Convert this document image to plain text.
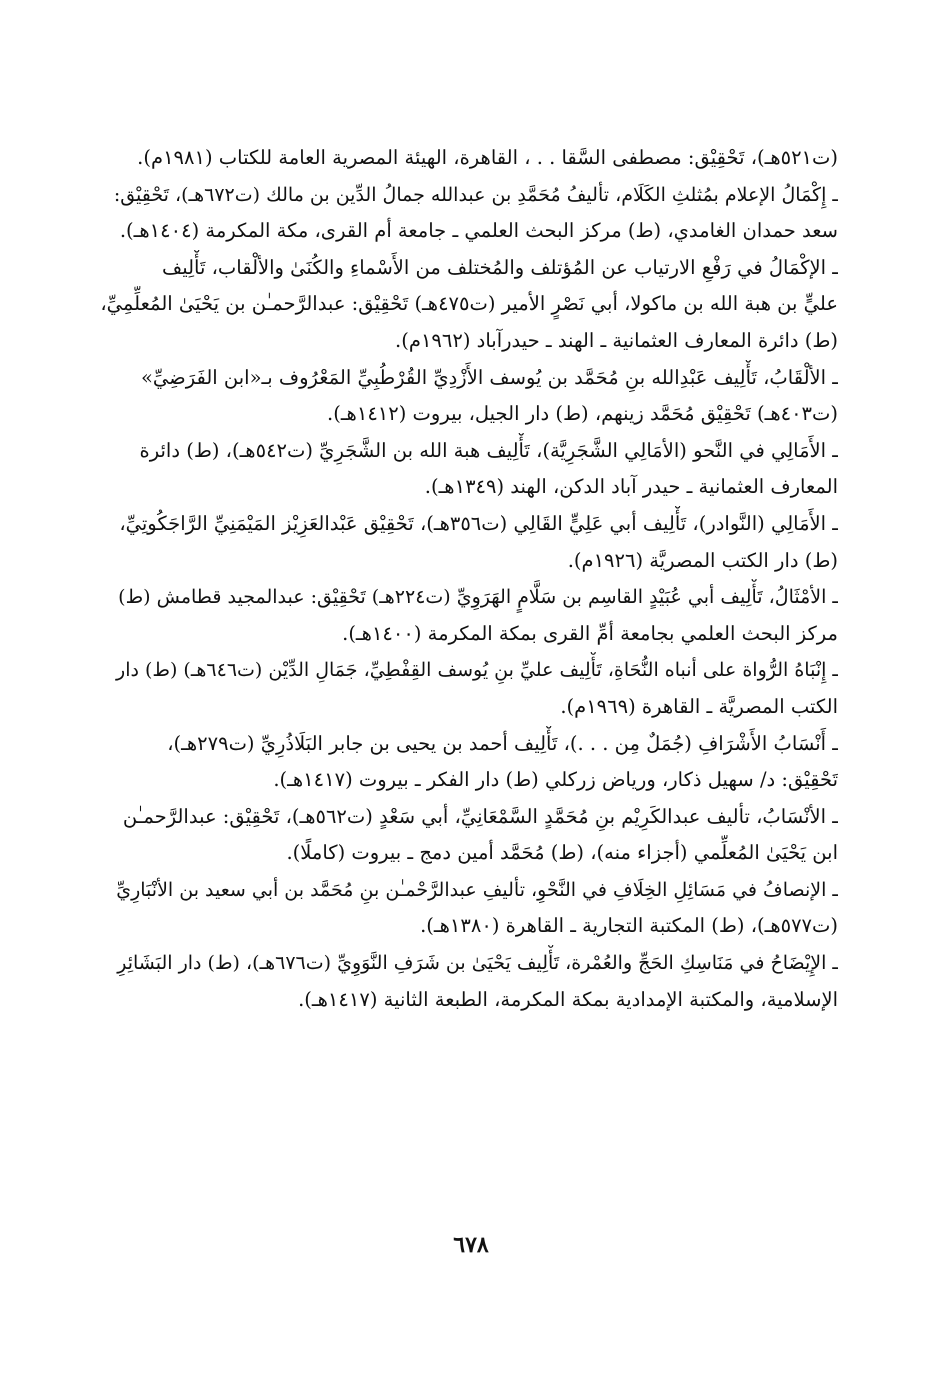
(ت٥٢١هـ)، تَحْقِيْق: مصطفى السَّقا . . ، القاهرة، الهيئة المصرية العامة للكتاب (١٩٨١م).
ـ إِكْمَالُ الإعلام بمُثلثِ الكَلَام، تأليفُ مُحَمَّدِ بن عبدالله جمالُ الدِّين بن مالك (ت٦٧٢هـ)، تَحْقِيْق:
سعد حمدان الغامدي، (ط) مركز البحث العلمي ـ جامعة أم القرى، مكة المكرمة (١٤٠٤هـ).
ـ الإكْمَالُ في رَفْعِ الارتياب عن المُؤتلف والمُختلف من الأَسْماءِ والكُنَىٰ والألْقاب، تَأْلِيف
عليٍّ بن هبة الله بن ماكولا، أبي نَصْرٍ الأمير (ت٤٧٥هـ) تَحْقِيْق: عبدالرَّحمـٰن بن يَحْيَىٰ المُعلِّمِيِّ،
(ط) دائرة المعارف العثمانية ـ الهند ـ حيدرآباد (١٩٦٢م).
ـ الألْقَابُ، تَأْلِيف عَبْدِالله بنِ مُحَمَّد بن يُوسف الأَزْدِيِّ القُرْطُبِيِّ المَعْرُوف بـ«ابن الفَرَضِيِّ»
(ت٤٠٣هـ) تَحْقِيْق مُحَمَّد زينهم، (ط) دار الجيل، بيروت (١٤١٢هـ).
ـ الأَمَالِي في النَّحو (الأمَالِي الشَّجَرِيَّة)، تَأْلِيف هبة الله بن الشَّجَرِيِّ (ت٥٤٢هـ)، (ط) دائرة
المعارف العثمانية ـ حيدر آباد الدكن، الهند (١٣٤٩هـ).
ـ الأَمَالِي (النَّوادر)، تَأْلِيف أبي عَلِيٍّ القَالِي (ت٣٥٦هـ)، تَحْقِيْق عَبْدالعَزِيْز المَيْمَنِيِّ الرَّاجَكُوتِيِّ،
(ط) دار الكتب المصريَّة (١٩٢٦م).
ـ الأمْثَالُ، تَأْلِيف أبي عُبَيْدٍ القاسِم بن سَلَّامٍ الهَرَوِيِّ (ت٢٢٤هـ) تَحْقِيْق: عبدالمجيد قطامش (ط)
مركز البحث العلمي بجامعة أمِّ القرى بمكة المكرمة (١٤٠٠هـ).
ـ إِنْبَاهُ الرُّواة على أنباه النُّحَاةِ، تَأْلِيف عليِّ بنِ يُوسف القِفْطِيِّ، جَمَالِ الدِّيْن (ت٦٤٦هـ) (ط) دار
الكتب المصريَّة ـ القاهرة (١٩٦٩م).
ـ أَنْسَابُ الأَشْرَافِ (جُمَلٌ مِن . . .)، تَأْلِيف أحمد بن يحيى بن جابر البَلَاذُرِيِّ (ت٢٧٩هـ)،
تَحْقِيْق: د/ سهيل ذكار، ورياض زركلي (ط) دار الفكر ـ بيروت (١٤١٧هـ).
ـ الأنْسَابُ، تأليف عبدالكَرِيْم بنِ مُحَمَّدٍ السَّمْعَانِيِّ، أبي سَعْدٍ (ت٥٦٢هـ)، تَحْقِيْق: عبدالرَّحمـٰن
ابن يَحْيَىٰ المُعلِّمي (أجزاء منه)، (ط) مُحَمَّد أمين دمج ـ بيروت (كاملًا).
ـ الإنصافُ في مَسَائِلِ الخِلَافِ في النَّحْوِ، تأليفِ عبدالرَّحْمـٰن بنِ مُحَمَّد بن أبي سعيد بن الأنْبَارِيِّ
(ت٥٧٧هـ)، (ط) المكتبة التجارية ـ القاهرة (١٣٨٠هـ).
ـ الإِيْضَاحُ في مَنَاسِكِ الحَجِّ والعُمْرة، تَأْلِيف يَحْيَىٰ بن شَرَفِ النَّوَوِيِّ (ت٦٧٦هـ)، (ط) دار البَشَائِرِ
الإسلامية، والمكتبة الإمدادية بمكة المكرمة، الطبعة الثانية (١٤١٧هـ).
٦٧٨
